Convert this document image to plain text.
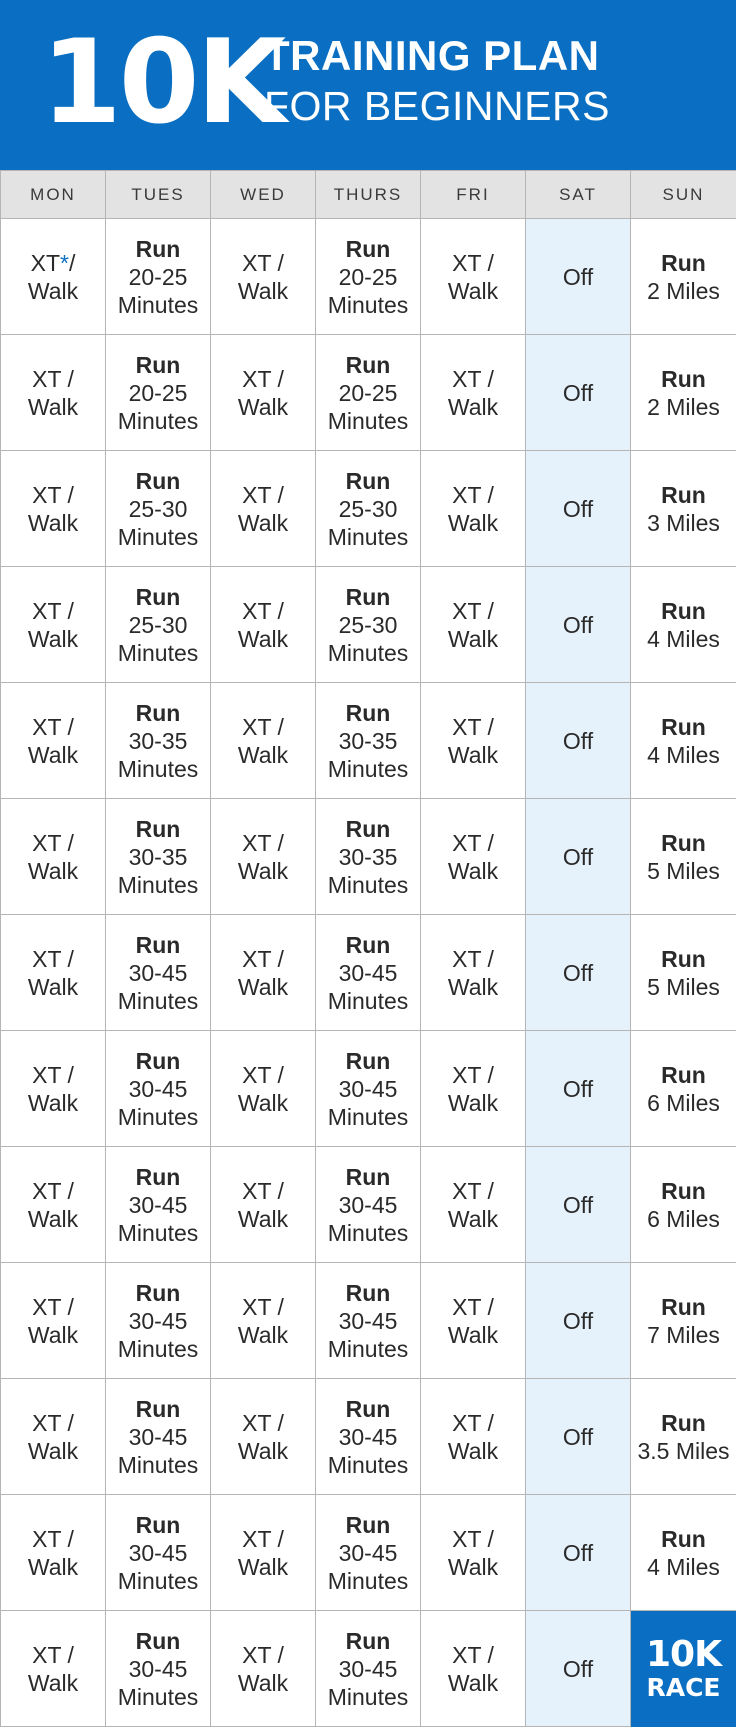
10K
TRAINING PLAN
FOR BEGINNERS
MON	TUES	WED	THURS	FRI	SAT	SUN

XT*/
Walk	Run
20-25
Minutes	XT /
Walk	Run
20-25
Minutes	XT /
Walk	Off	Run
2 Miles

XT /
Walk	Run
20-25
Minutes	XT /
Walk	Run
20-25
Minutes	XT /
Walk	Off	Run
2 Miles

XT /
Walk	Run
25-30
Minutes	XT /
Walk	Run
25-30
Minutes	XT /
Walk	Off	Run
3 Miles

XT /
Walk	Run
25-30
Minutes	XT /
Walk	Run
25-30
Minutes	XT /
Walk	Off	Run
4 Miles

XT /
Walk	Run
30-35
Minutes	XT /
Walk	Run
30-35
Minutes	XT /
Walk	Off	Run
4 Miles

XT /
Walk	Run
30-35
Minutes	XT /
Walk	Run
30-35
Minutes	XT /
Walk	Off	Run
5 Miles

XT /
Walk	Run
30-45
Minutes	XT /
Walk	Run
30-45
Minutes	XT /
Walk	Off	Run
5 Miles

XT /
Walk	Run
30-45
Minutes	XT /
Walk	Run
30-45
Minutes	XT /
Walk	Off	Run
6 Miles

XT /
Walk	Run
30-45
Minutes	XT /
Walk	Run
30-45
Minutes	XT /
Walk	Off	Run
6 Miles

XT /
Walk	Run
30-45
Minutes	XT /
Walk	Run
30-45
Minutes	XT /
Walk	Off	Run
7 Miles

XT /
Walk	Run
30-45
Minutes	XT /
Walk	Run
30-45
Minutes	XT /
Walk	Off	Run
3.5 Miles

XT /
Walk	Run
30-45
Minutes	XT /
Walk	Run
30-45
Minutes	XT /
Walk	Off	Run
4 Miles

XT /
Walk	Run
30-45
Minutes	XT /
Walk	Run
30-45
Minutes	XT /
Walk	Off	10K
RACE
